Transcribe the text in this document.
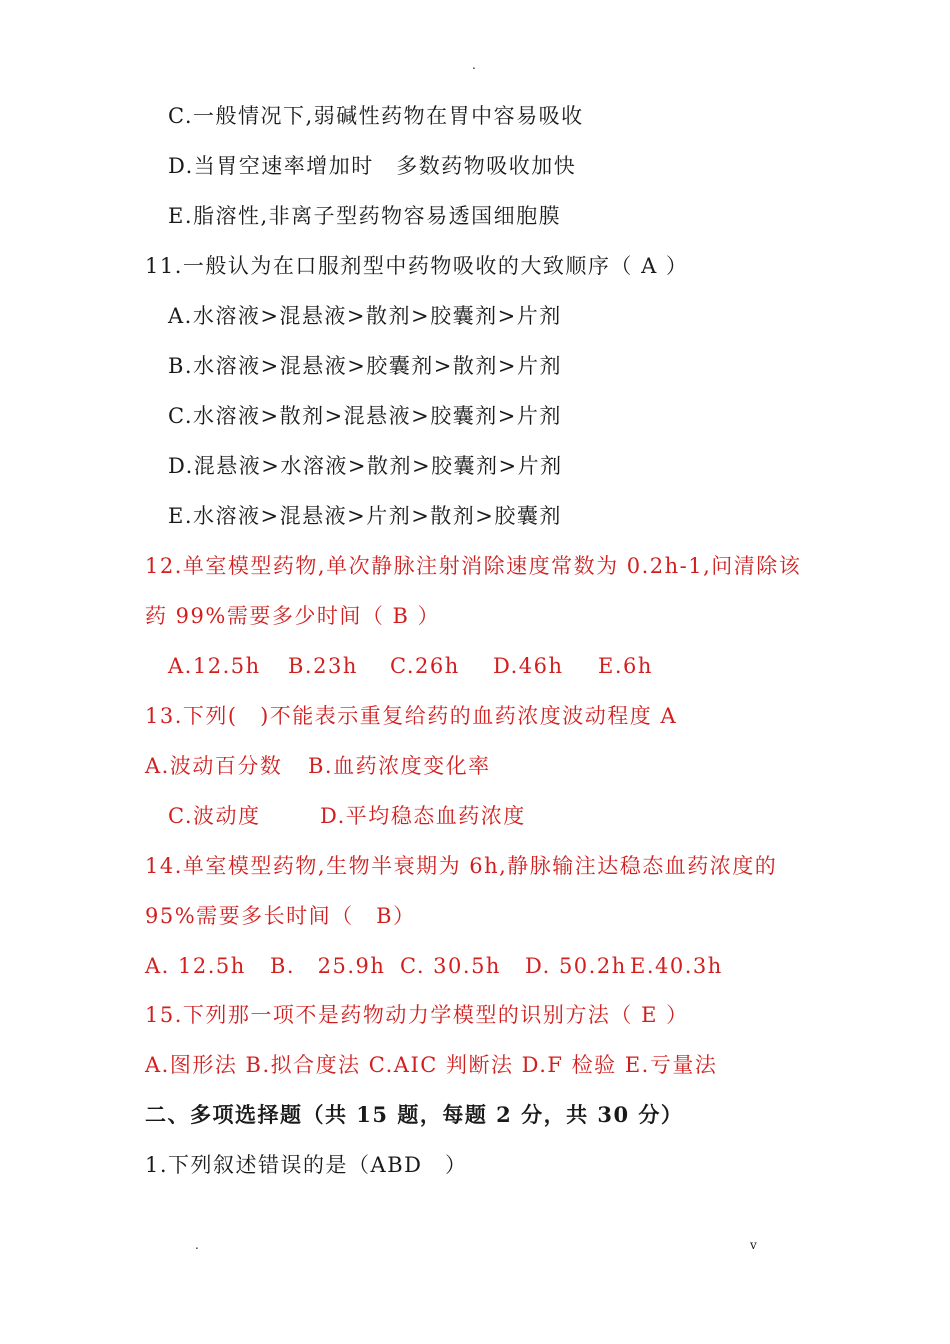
.
C.一般情况下,弱碱性药物在胃中容易吸收
D.当胃空速率增加时　多数药物吸收加快
E.脂溶性,非离子型药物容易透国细胞膜
11.一般认为在口服剂型中药物吸收的大致顺序（ A ）
A.水溶液>混悬液>散剂>胶囊剂>片剂
B.水溶液>混悬液>胶囊剂>散剂>片剂
C.水溶液>散剂>混悬液>胶囊剂>片剂
D.混悬液>水溶液>散剂>胶囊剂>片剂
E.水溶液>混悬液>片剂>散剂>胶囊剂
12.单室模型药物,单次静脉注射消除速度常数为 0.2h-1,问清除该
药 99%需要多少时间（ B ）
A.12.5h B.23h C.26h D.46h E.6h
13.下列(　)不能表示重复给药的血药浓度波动程度 A
A.波动百分数 B.血药浓度变化率
C.波动度	D.平均稳态血药浓度
14.单室模型药物,生物半衰期为 6h,静脉输注达稳态血药浓度的
95%需要多长时间（　B）
A. 12.5h B.　25.9h C. 30.5h D. 50.2h E.40.3h
15.下列那一项不是药物动力学模型的识别方法（ E ）
A.图形法 B.拟合度法 C.AIC 判断法 D.F 检验 E.亏量法
二、多项选择题（共 15 题，每题 2 分，共 30 分）
1.下列叙述错误的是（ABD　）
.	v
